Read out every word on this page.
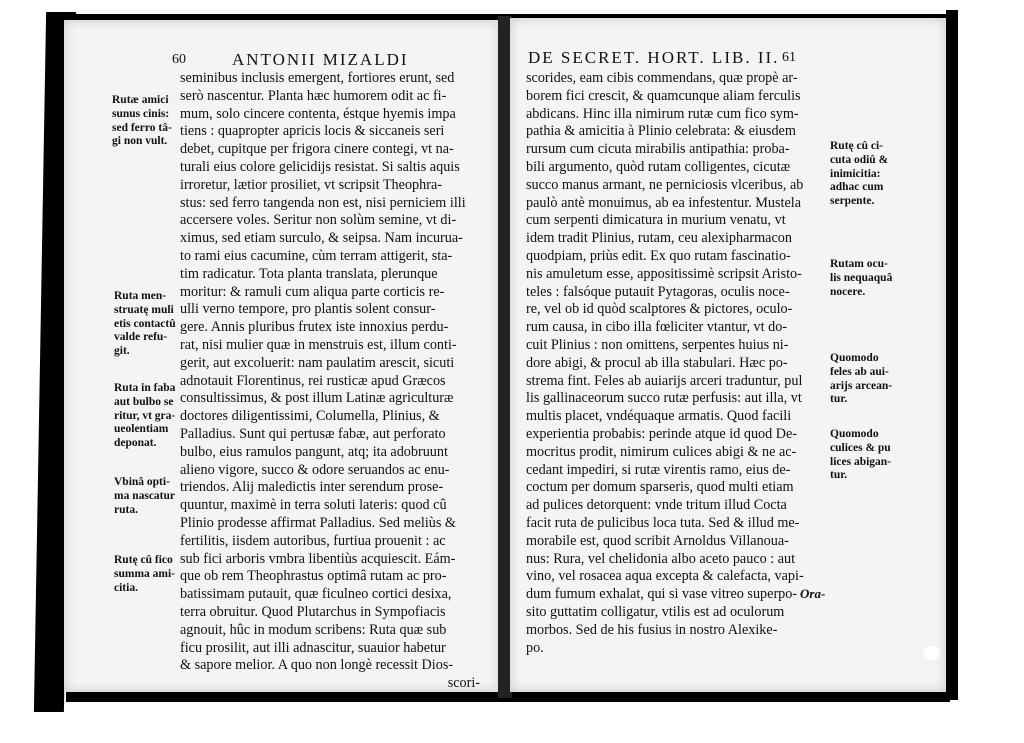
60	ANTONII MIZALDI
seminibus inclusis emergent, fortiores erunt, sed
serò nascentur. Planta hæc humorem odit ac fi-
mum, solo cincere contenta, éstque hyemis impa
tiens : quapropter apricis locis & siccaneis seri
debet, cupitque per frigora cinere contegi, vt na-
turali eius colore gelicidijs resistat. Si saltis aquis
irroretur, lætior prosiliet, vt scripsit Theophra-
stus: sed ferro tangenda non est, nisi perniciem illi
accersere voles. Seritur non solùm semine, vt di-
ximus, sed etiam surculo, & seipsa. Nam incurua-
to rami eius cacumine, cùm terram attigerit, sta-
tim radicatur. Tota planta translata, plerunque
moritur: & ramuli cum aliqua parte corticis re-
ulli verno tempore, pro plantis solent consur-
gere. Annis pluribus frutex iste innoxius perdu-
rat, nisi mulier quæ in menstruis est, illum conti-
gerit, aut excoluerit: nam paulatim arescit, sicuti
adnotauit Florentinus, rei rusticæ apud Græcos
consultissimus, & post illum Latinæ agriculturæ
doctores diligentissimi, Columella, Plinius, &
Palladius. Sunt qui pertusæ fabæ, aut perforato
bulbo, eius ramulos pangunt, atq; ita adobruunt
alieno vigore, succo & odore seruandos ac enu-
triendos. Alij maledictis inter serendum prose-
quuntur, maximè in terra soluti lateris: quod cû
Plinio prodesse affirmat Palladius. Sed meliùs &
fertilitis, iisdem autoribus, furtiua prouenit : ac
sub fici arboris vmbra libentiùs acquiescit. Eám-
que ob rem Theophrastus optimâ rutam ac pro-
batissimam putauit, quæ ficulneo cortici desixa,
terra obruitur. Quod Plutarchus in Sympofiacis
agnouit, hûc in modum scribens: Ruta quæ sub
ficu prosilit, aut illi adnascitur, suauior habetur
& sapore melior. A quo non longè recessit Dios-
scori-
Rutæ amici
sunus cinis:
sed ferro tâ-
gi non vult.
Ruta men-
struatę muli
etis contactû
valde refu-
git.
Ruta in faba
aut bulbo se
ritur, vt gra-
ueolentiam
deponat.
Vbinâ opti-
ma nascatur
ruta.
Rutę cû fico
summa ami-
citia.
DE SECRET. HORT. LIB. II. 61
scorides, eam cibis commendans, quæ propè ar-
borem fici crescit, & quamcunque aliam ferculis
abdicans. Hinc illa nimirum rutæ cum fico sym-
pathia & amicitia à Plinio celebrata: & eiusdem
rursum cum cicuta mirabilis antipathia: proba-
bili argumento, quòd rutam colligentes, cicutæ
succo manus armant, ne perniciosis vlceribus, ab
paulò antè monuimus, ab ea infestentur. Mustela
cum serpenti dimicatura in murium venatu, vt
idem tradit Plinius, rutam, ceu alexipharmacon
quodpiam, priùs edit. Ex quo rutam fascinatio-
nis amuletum esse, appositissimè scripsit Aristo-
teles : falsóque putauit Pytagoras, oculis noce-
re, vel ob id quòd scalptores & pictores, oculo-
rum causa, in cibo illa fœliciter vtantur, vt do-
cuit Plinius : non omittens, serpentes huius ni-
dore abigi, & procul ab illa stabulari. Hæc po-
strema fint. Feles ab auiarijs arceri traduntur, pul
lis gallinaceorum succo rutæ perfusis: aut illa, vt
multis placet, vndéquaque armatis. Quod facili
experientia probabis: perinde atque id quod De-
mocritus prodit, nimirum culices abigi & ne ac-
cedant impediri, si rutæ virentis ramo, eius de-
coctum per domum sparseris, quod multi etiam
ad pulices detorquent: vnde tritum illud Cocta
facit ruta de pulicibus loca tuta. Sed & illud me-
morabile est, quod scribit Arnoldus Villanoua-
nus: Rura, vel chelidonia albo aceto pauco : aut
vino, vel rosacea aqua excepta & calefacta, vapi-
dum fumum exhalat, qui si vase vitreo superpo-
sito guttatim colligatur, vtilis est ad oculorum
morbos. Sed de his fusius in nostro Alexike-
po.
Rutę cû ci-
cuta odiû &
inimicitia:
adhac cum
serpente.
Rutam ocu-
lis nequaquâ
nocere.
Quomodo
feles ab aui-
arijs arcean-
tur.
Quomodo
culices & pu
lices abigan-
tur.
Ora-
